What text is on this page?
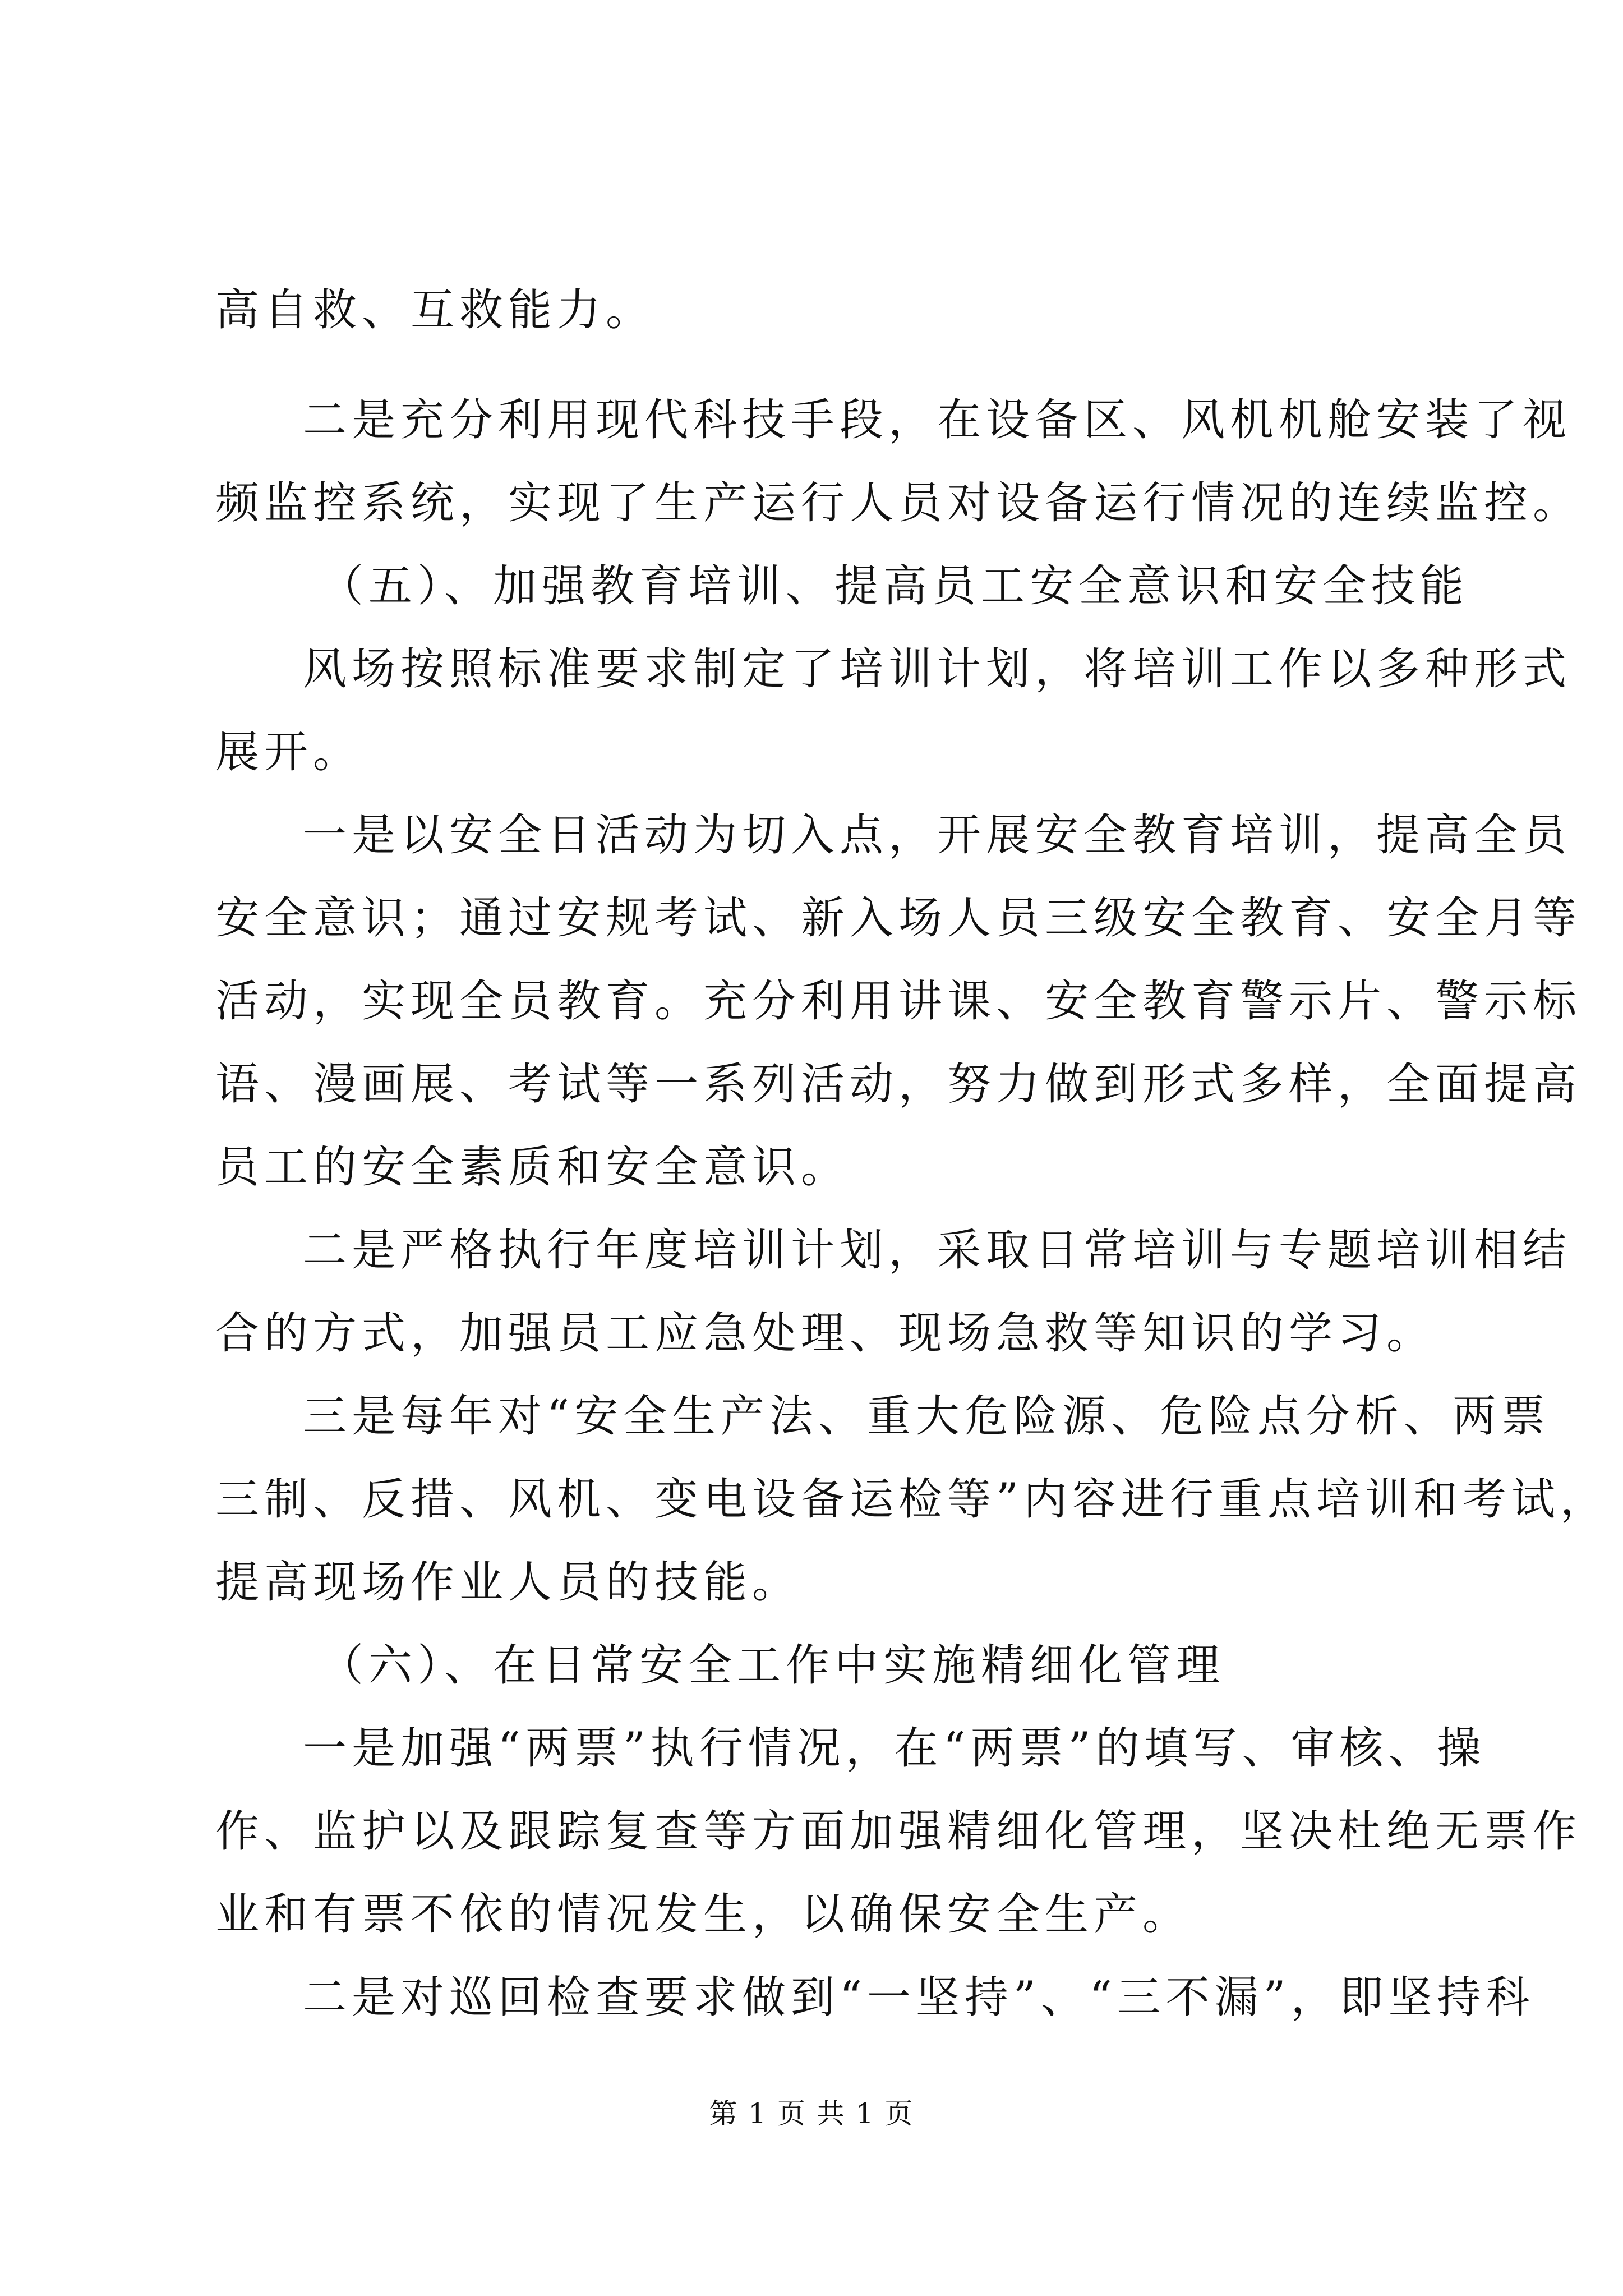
高自救、互救能力。
二是充分利用现代科技手段，在设备区、风机机舱安装了视
频监控系统，实现了生产运行人员对设备运行情况的连续监控。
（五）、加强教育培训、提高员工安全意识和安全技能
风场按照标准要求制定了培训计划，将培训工作以多种形式
展开。
一是以安全日活动为切入点，开展安全教育培训，提高全员
安全意识；通过安规考试、新入场人员三级安全教育、安全月等
活动，实现全员教育。充分利用讲课、安全教育警示片、警示标
语、漫画展、考试等一系列活动，努力做到形式多样，全面提高
员工的安全素质和安全意识。
二是严格执行年度培训计划，采取日常培训与专题培训相结
合的方式，加强员工应急处理、现场急救等知识的学习。
三是每年对“安全生产法、重大危险源、危险点分析、两票
三制、反措、风机、变电设备运检等”内容进行重点培训和考试，
提高现场作业人员的技能。
（六）、在日常安全工作中实施精细化管理
一是加强“两票”执行情况，在“两票”的填写、审核、操
作、监护以及跟踪复查等方面加强精细化管理，坚决杜绝无票作
业和有票不依的情况发生，以确保安全生产。
二是对巡回检查要求做到“一坚持”、“三不漏”，即坚持科
第 1 页 共 1 页
